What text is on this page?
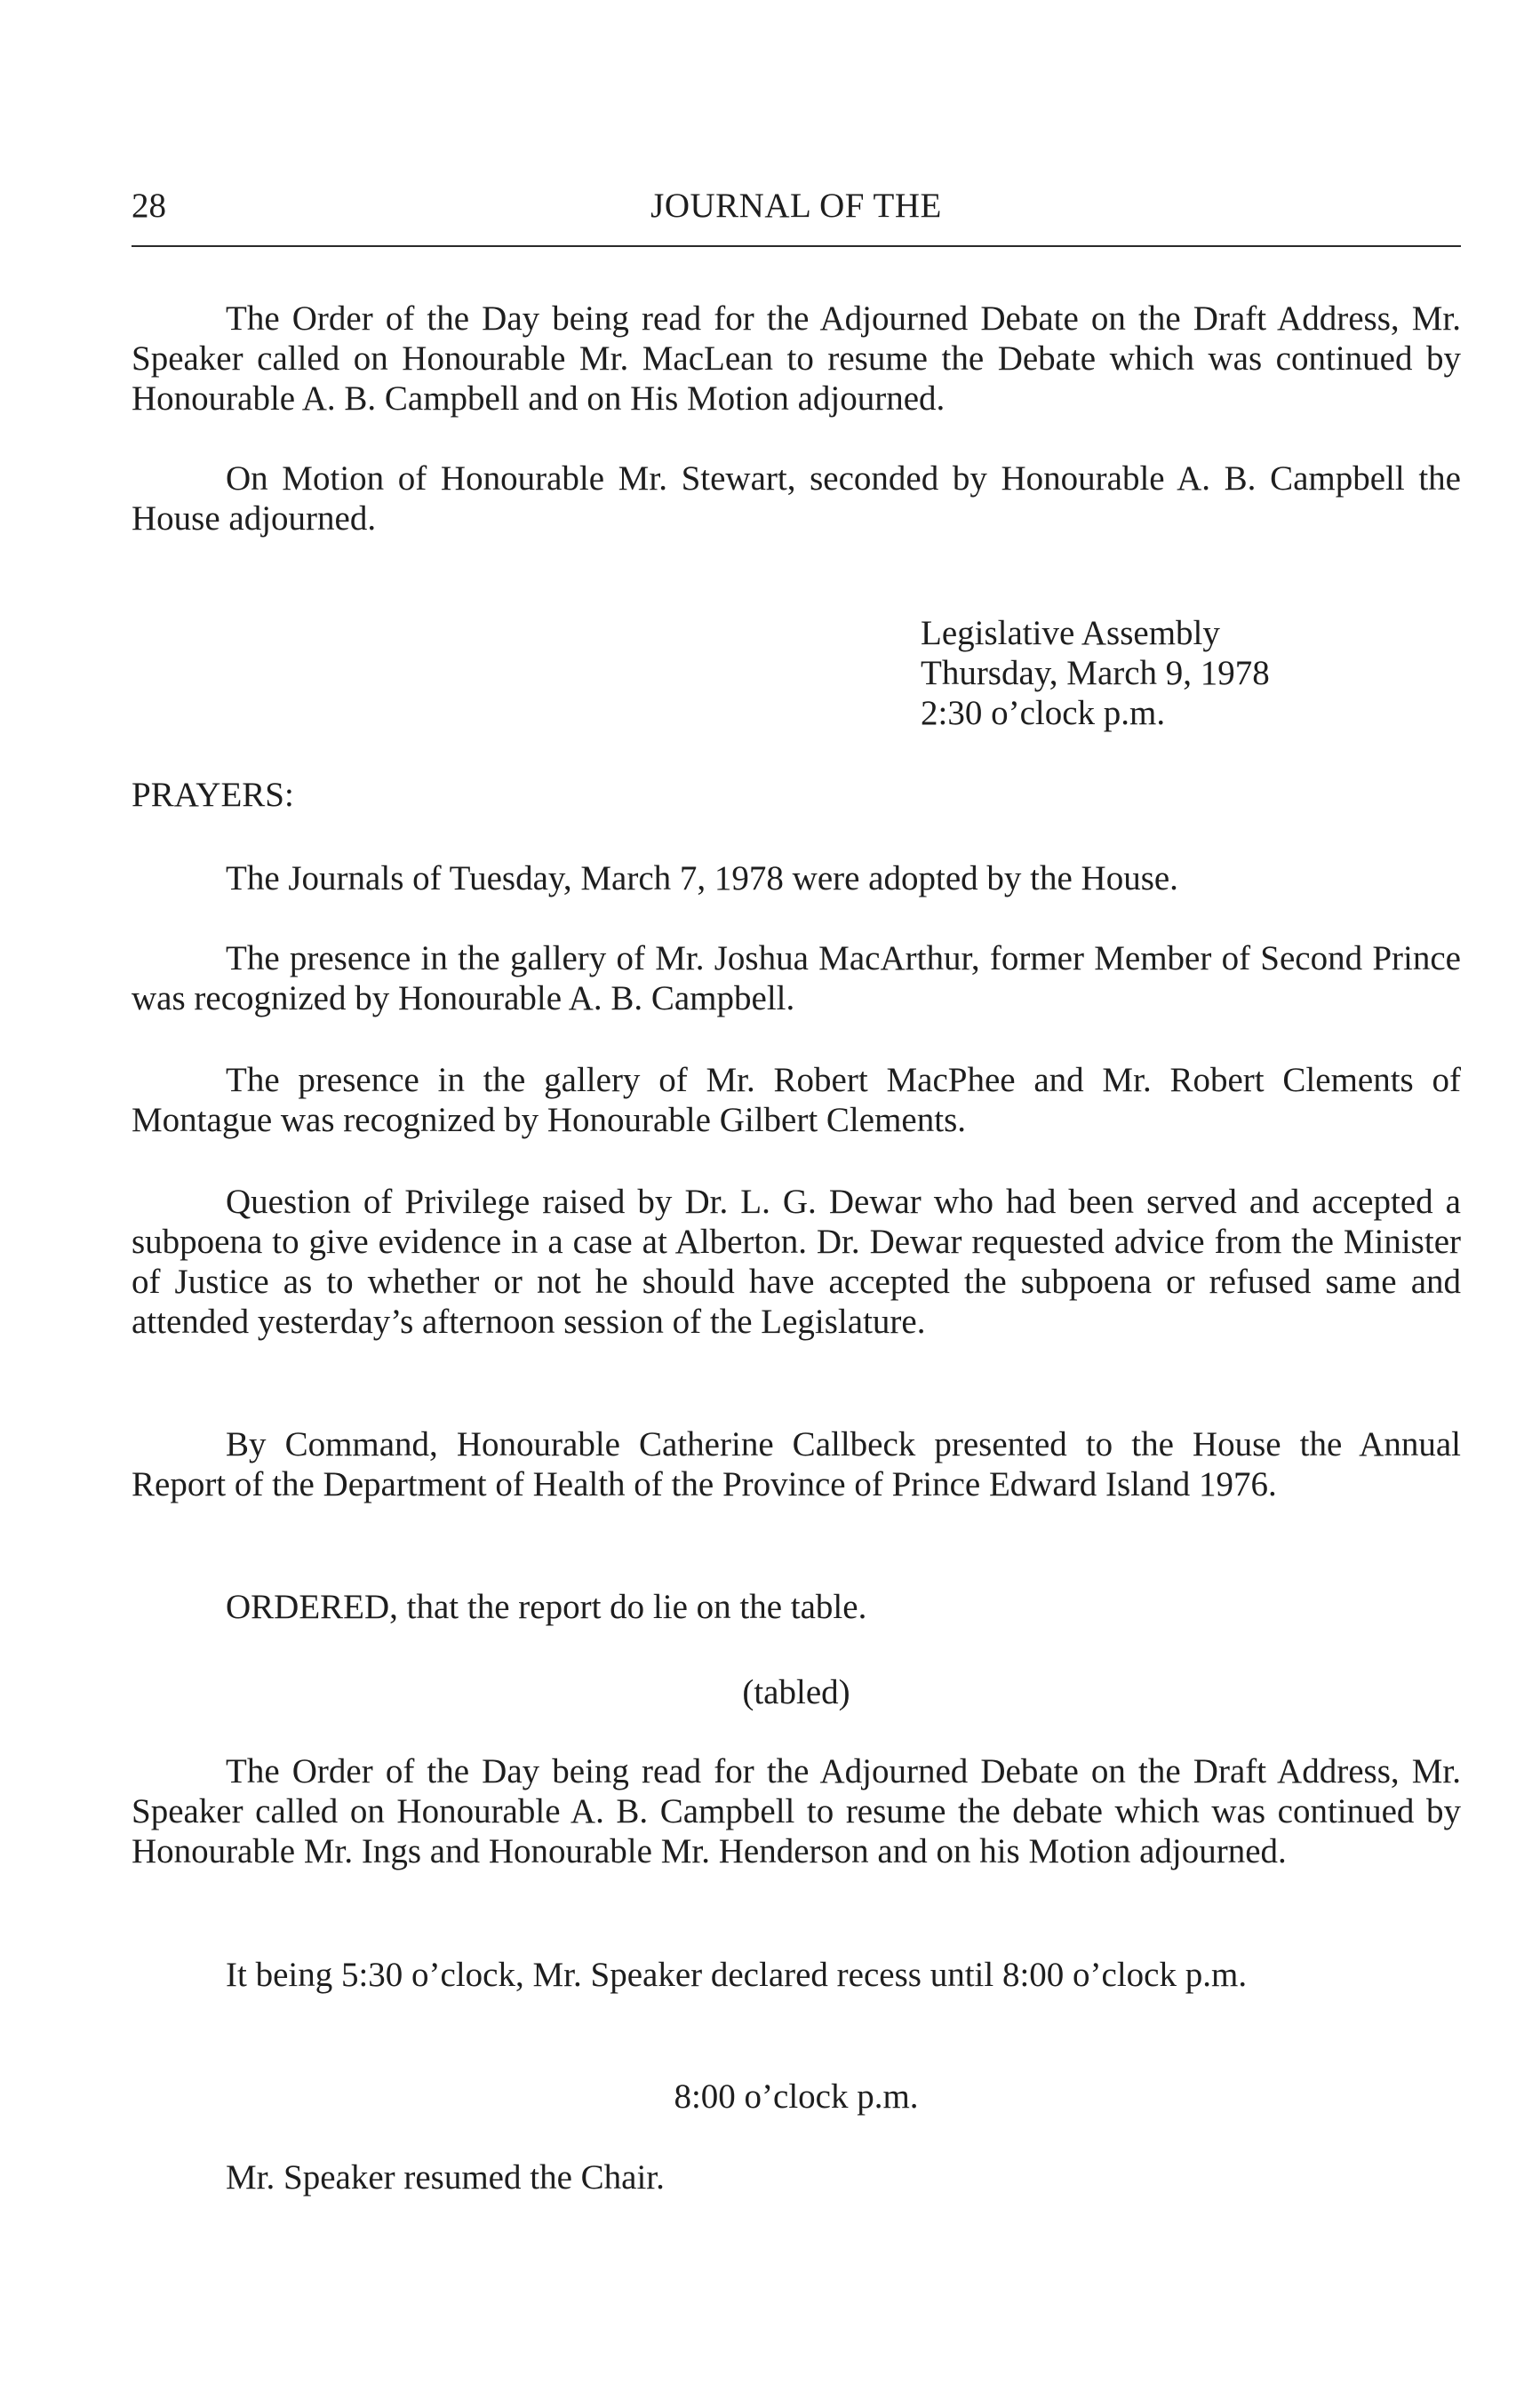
28	JOURNAL OF THE

The Order of the Day being read for the Adjourned Debate on the Draft Address, Mr. Speaker called on Honourable Mr. MacLean to resume the Debate which was continued by Honourable A. B. Campbell and on His Motion adjourned.

On Motion of Honourable Mr. Stewart, seconded by Honourable A. B. Campbell the House adjourned.

Legislative Assembly
Thursday, March 9, 1978
2:30 o’clock p.m.
PRAYERS:

The Journals of Tuesday, March 7, 1978 were adopted by the House.

The presence in the gallery of Mr. Joshua MacArthur, former Member of Second Prince was recognized by Honourable A. B. Campbell.

The presence in the gallery of Mr. Robert MacPhee and Mr. Robert Clements of Montague was recognized by Honourable Gilbert Clements.

Question of Privilege raised by Dr. L. G. Dewar who had been served and accepted a subpoena to give evidence in a case at Alberton. Dr. Dewar requested advice from the Minister of Justice as to whether or not he should have accepted the subpoena or refused same and attended yesterday’s afternoon session of the Legislature.

By Command, Honourable Catherine Callbeck presented to the House the Annual Report of the Department of Health of the Province of Prince Edward Island 1976.

ORDERED, that the report do lie on the table.

(tabled)

The Order of the Day being read for the Adjourned Debate on the Draft Address, Mr. Speaker called on Honourable A. B. Campbell to resume the debate which was continued by Honourable Mr. Ings and Honourable Mr. Henderson and on his Motion adjourned.

It being 5:30 o’clock, Mr. Speaker declared recess until 8:00 o’clock p.m.

8:00 o’clock p.m.

Mr. Speaker resumed the Chair.
